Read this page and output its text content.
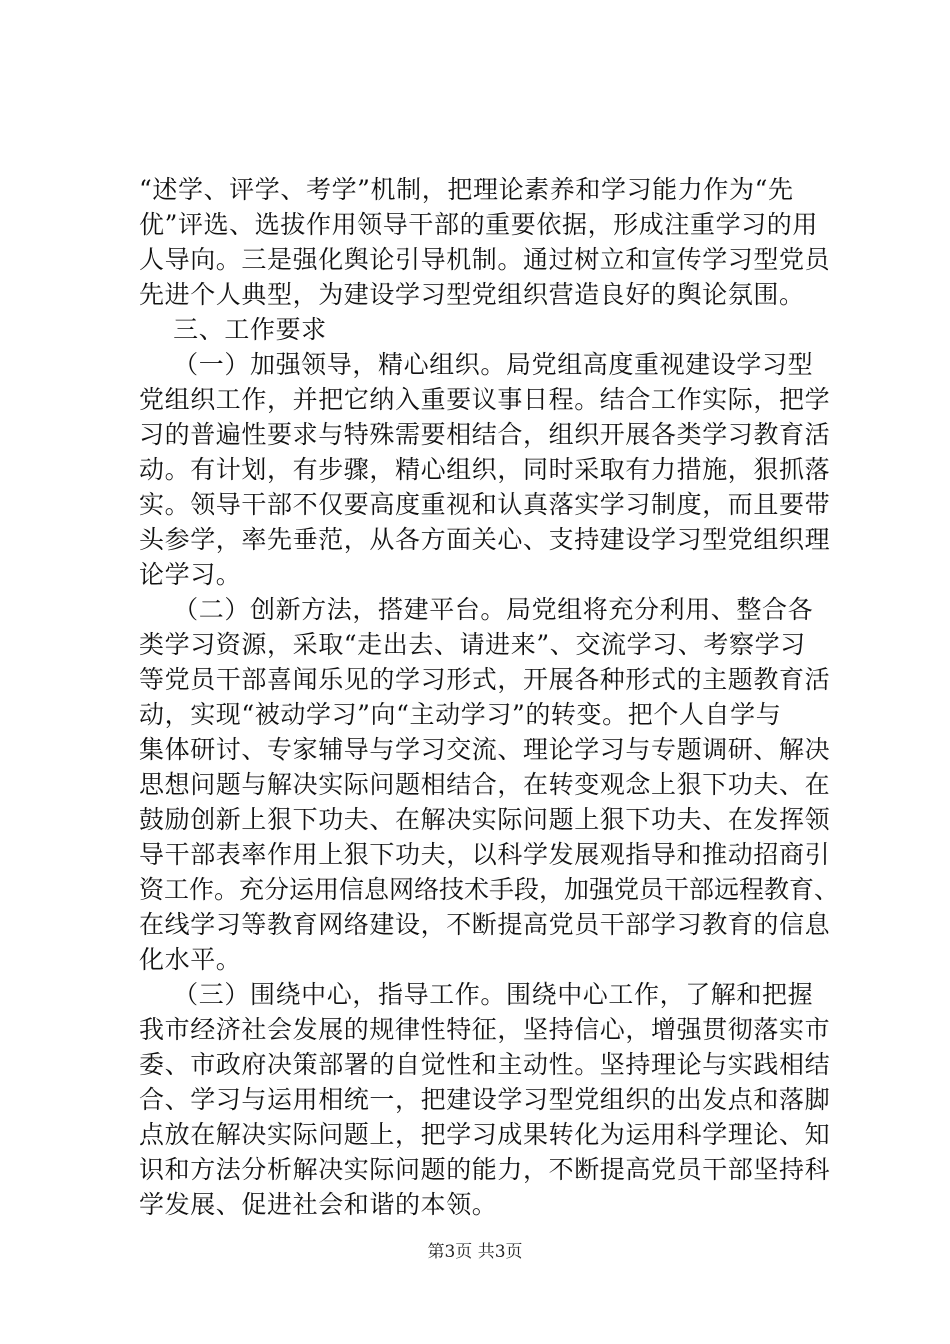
“述学、评学、考学”机制，把理论素养和学习能力作为“先
优”评选、选拔作用领导干部的重要依据，形成注重学习的用
人导向。三是强化舆论引导机制。通过树立和宣传学习型党员
先进个人典型，为建设学习型党组织营造良好的舆论氛围。
三、工作要求
（一）加强领导，精心组织。局党组高度重视建设学习型
党组织工作，并把它纳入重要议事日程。结合工作实际，把学
习的普遍性要求与特殊需要相结合，组织开展各类学习教育活
动。有计划，有步骤，精心组织，同时采取有力措施，狠抓落
实。领导干部不仅要高度重视和认真落实学习制度，而且要带
头参学，率先垂范，从各方面关心、支持建设学习型党组织理
论学习。
（二）创新方法，搭建平台。局党组将充分利用、整合各
类学习资源，采取“走出去、请进来”、交流学习、考察学习
等党员干部喜闻乐见的学习形式，开展各种形式的主题教育活
动，实现“被动学习”向“主动学习”的转变。把个人自学与
集体研讨、专家辅导与学习交流、理论学习与专题调研、解决
思想问题与解决实际问题相结合，在转变观念上狠下功夫、在
鼓励创新上狠下功夫、在解决实际问题上狠下功夫、在发挥领
导干部表率作用上狠下功夫，以科学发展观指导和推动招商引
资工作。充分运用信息网络技术手段，加强党员干部远程教育、
在线学习等教育网络建设，不断提高党员干部学习教育的信息
化水平。
（三）围绕中心，指导工作。围绕中心工作，了解和把握
我市经济社会发展的规律性特征，坚持信心，增强贯彻落实市
委、市政府决策部署的自觉性和主动性。坚持理论与实践相结
合、学习与运用相统一，把建设学习型党组织的出发点和落脚
点放在解决实际问题上，把学习成果转化为运用科学理论、知
识和方法分析解决实际问题的能力，不断提高党员干部坚持科
学发展、促进社会和谐的本领。
第3页 共3页
